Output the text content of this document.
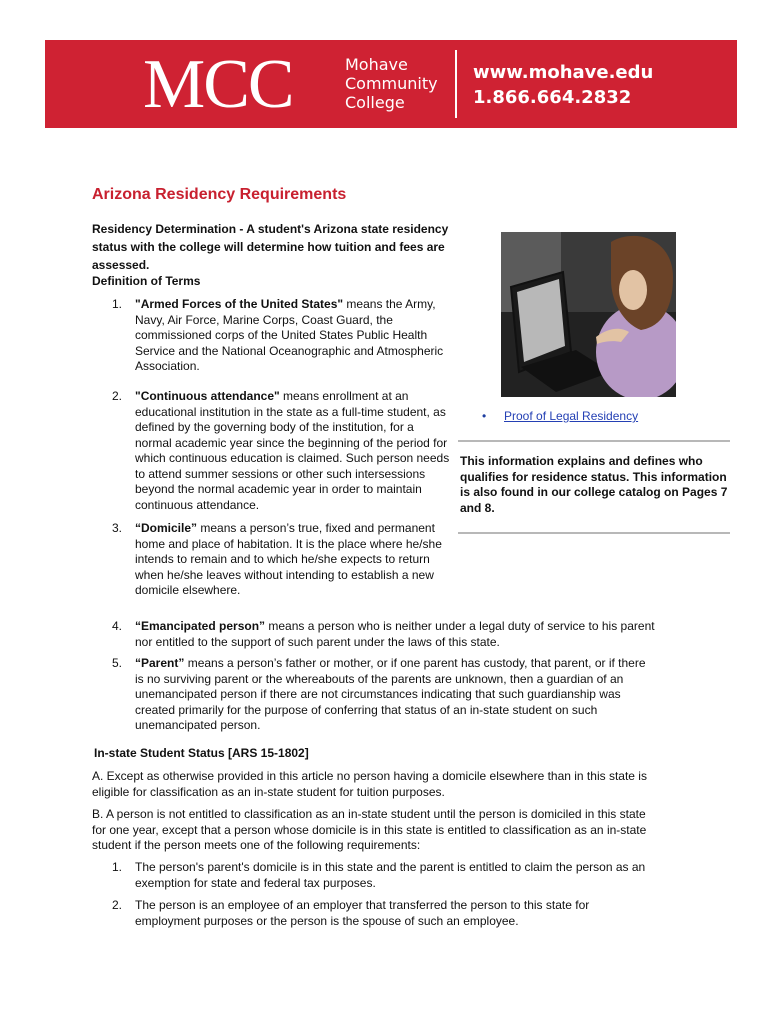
MCC	Mohave
Community
College
www.mohave.edu
1.866.664.2832
Arizona Residency Requirements
Residency Determination - A student's Arizona state residency status with the college will determine how tuition and fees are assessed.
Definition of Terms
1. "Armed Forces of the United States" means the Army, Navy, Air Force, Marine Corps, Coast Guard, the commissioned corps of the United States Public Health Service and the National Oceanographic and Atmospheric Association.
2. "Continuous attendance" means enrollment at an educational institution in the state as a full-time student, as defined by the governing body of the institution, for a normal academic year since the beginning of the period for which continuous education is claimed. Such person needs to attend summer sessions or other such intersessions beyond the normal academic year in order to maintain continuous attendance.
3. “Domicile” means a person’s true, fixed and permanent home and place of habitation. It is the place where he/she intends to remain and to which he/she expects to return when he/she leaves without intending to establish a new domicile elsewhere.
4. “Emancipated person” means a person who is neither under a legal duty of service to his parent nor entitled to the support of such parent under the laws of this state.
5. “Parent” means a person’s father or mother, or if one parent has custody, that parent, or if there is no surviving parent or the whereabouts of the parents are unknown, then a guardian of an unemancipated person if there are not circumstances indicating that such guardianship was created primarily for the purpose of conferring that status of an in-state student on such unemancipated person.
• Proof of Legal Residency
This information explains and defines who qualifies for residence status. This information is also found in our college catalog on Pages 7 and 8.
In-state Student Status [ARS 15-1802]

A. Except as otherwise provided in this article no person having a domicile elsewhere than in this state is eligible for classification as an in-state student for tuition purposes.

B. A person is not entitled to classification as an in-state student until the person is domiciled in this state for one year, except that a person whose domicile is in this state is entitled to classification as an in-state student if the person meets one of the following requirements:

1. The person's parent's domicile is in this state and the parent is entitled to claim the person as an exemption for state and federal tax purposes.
2. The person is an employee of an employer that transferred the person to this state for employment purposes or the person is the spouse of such an employee.
